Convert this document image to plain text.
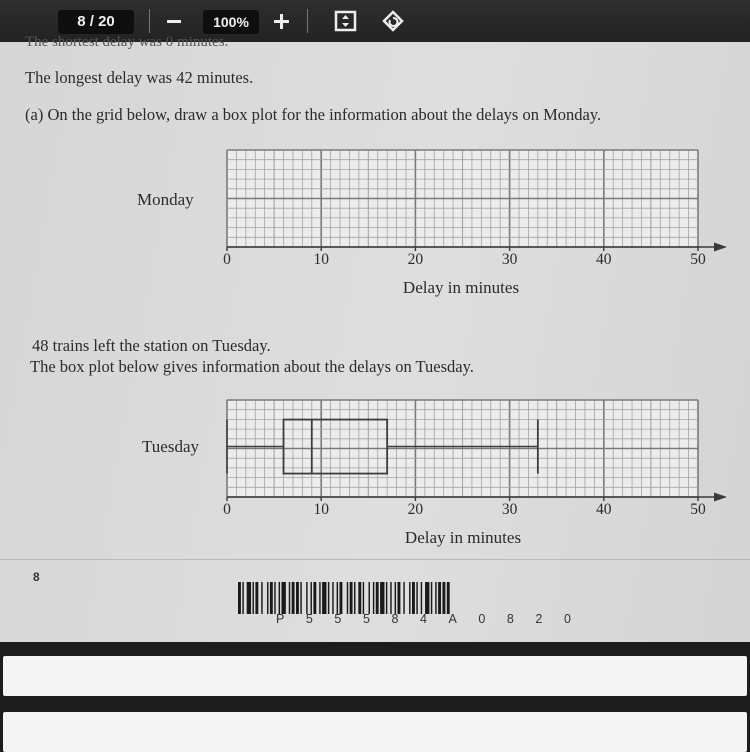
8 / 20	100%
The shortest delay was 0 minutes.
The longest delay was 42 minutes.
(a) On the grid below, draw a box plot for the information about the delays on Monday.
Monday
0	10	20	30	40	50
Delay in minutes
48 trains left the station on Tuesday.
The box plot below gives information about the delays on Tuesday.
Tuesday
0	10	20	30	40	50
Delay in minutes
8
P 5 5 5 8 4 A 0 8 2 0
